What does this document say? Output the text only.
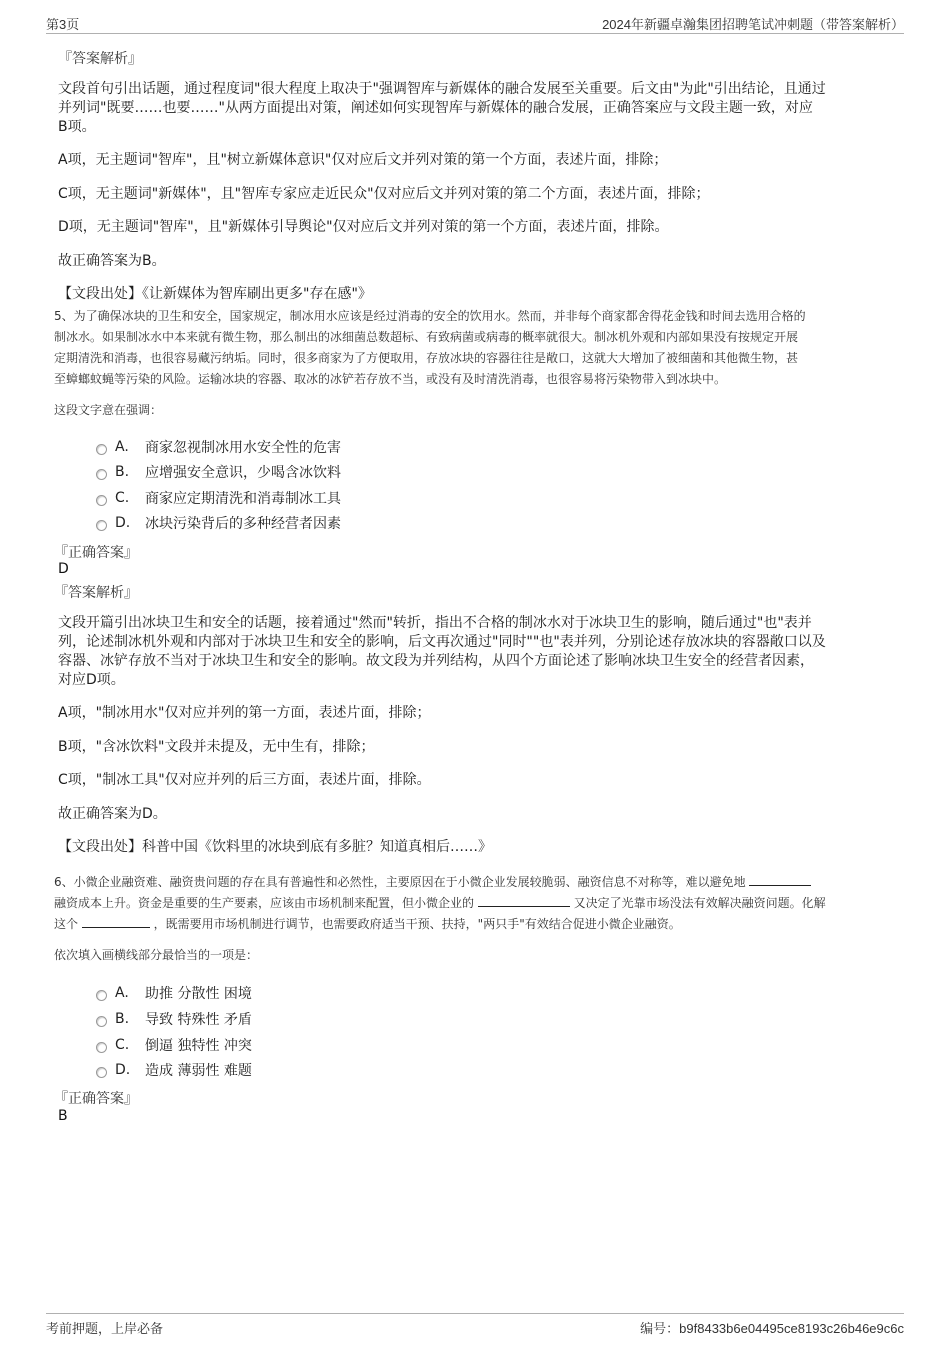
第3页	2024年新疆卓瀚集团招聘笔试冲刺题（带答案解析）
『答案解析』
文段首句引出话题，通过程度词"很大程度上取决于"强调智库与新媒体的融合发展至关重要。后文由"为此"引出结论，且通过
并列词"既要……也要……"从两方面提出对策，阐述如何实现智库与新媒体的融合发展，正确答案应与文段主题一致，对应
B项。
A项，无主题词"智库"，且"树立新媒体意识"仅对应后文并列对策的第一个方面，表述片面，排除；
C项，无主题词"新媒体"，且"智库专家应走近民众"仅对应后文并列对策的第二个方面，表述片面，排除；
D项，无主题词"智库"，且"新媒体引导舆论"仅对应后文并列对策的第一个方面，表述片面，排除。
故正确答案为B。
【文段出处】《让新媒体为智库刷出更多"存在感"》
5、为了确保冰块的卫生和安全，国家规定，制冰用水应该是经过消毒的安全的饮用水。然而，并非每个商家都舍得花金钱和时间去选用合格的
制冰水。如果制冰水中本来就有微生物，那么制出的冰细菌总数超标、有致病菌或病毒的概率就很大。制冰机外观和内部如果没有按规定开展
定期清洗和消毒，也很容易藏污纳垢。同时，很多商家为了方便取用，存放冰块的容器往往是敞口，这就大大增加了被细菌和其他微生物，甚
至蟑螂蚊蝇等污染的风险。运输冰块的容器、取冰的冰铲若存放不当，或没有及时清洗消毒，也很容易将污染物带入到冰块中。
这段文字意在强调：
A.	商家忽视制冰用水安全性的危害
B.	应增强安全意识，少喝含冰饮料
C.	商家应定期清洗和消毒制冰工具
D.	冰块污染背后的多种经营者因素
『正确答案』
D
『答案解析』
文段开篇引出冰块卫生和安全的话题，接着通过"然而"转折，指出不合格的制冰水对于冰块卫生的影响，随后通过"也"表并
列，论述制冰机外观和内部对于冰块卫生和安全的影响，后文再次通过"同时""也"表并列，分别论述存放冰块的容器敞口以及
容器、冰铲存放不当对于冰块卫生和安全的影响。故文段为并列结构，从四个方面论述了影响冰块卫生安全的经营者因素，
对应D项。
A项，"制冰用水"仅对应并列的第一方面，表述片面，排除；
B项，"含冰饮料"文段并未提及，无中生有，排除；
C项，"制冰工具"仅对应并列的后三方面，表述片面，排除。
故正确答案为D。
【文段出处】科普中国《饮料里的冰块到底有多脏？知道真相后……》
6、小微企业融资难、融资贵问题的存在具有普遍性和必然性，主要原因在于小微企业发展较脆弱、融资信息不对称等，难以避免地
融资成本上升。资金是重要的生产要素，应该由市场机制来配置，但小微企业的	又决定了光靠市场没法有效解决融资问题。化解
这个	，既需要用市场机制进行调节，也需要政府适当干预、扶持，"两只手"有效结合促进小微企业融资。
依次填入画横线部分最恰当的一项是：
A.	助推 分散性 困境
B.	导致 特殊性 矛盾
C.	倒逼 独特性 冲突
D.	造成 薄弱性 难题
『正确答案』
B
考前押题，上岸必备	编号：b9f8433b6e04495ce8193c26b46e9c6c
